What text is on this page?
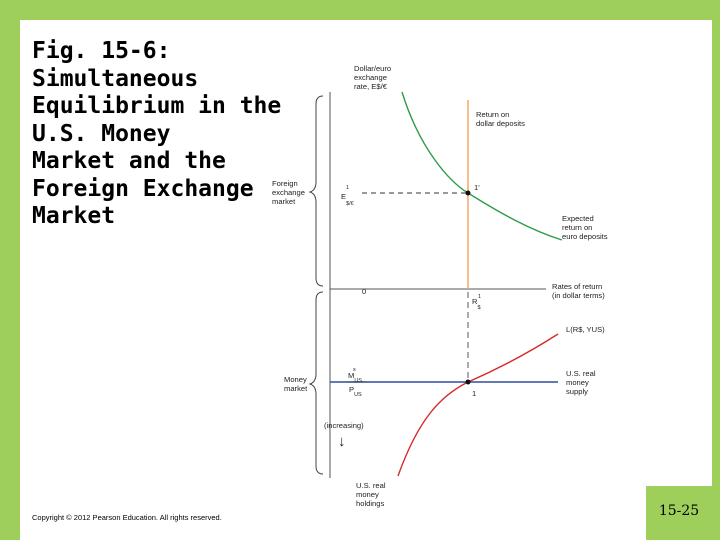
Fig. 15-6:
Simultaneous
Equilibrium in the
U.S. Money
Market and the
Foreign Exchange
Market
Dollar/euro
exchange
rate, E$/€
U.S. real
money
holdings
Foreign
exchange
market
Money
market
(increasing)
↓
0
Rates of return
(in dollar terms)
Return on
dollar deposits
Expected
return on
euro deposits
$E_{\$/€}$
1
$R_{\$}$
1
$M_{US}$
s
$P_{US}$
L(R$, YUS)
U.S. real
money
supply
1'
1
Copyright © 2012 Pearson Education. All rights reserved.	15-25
